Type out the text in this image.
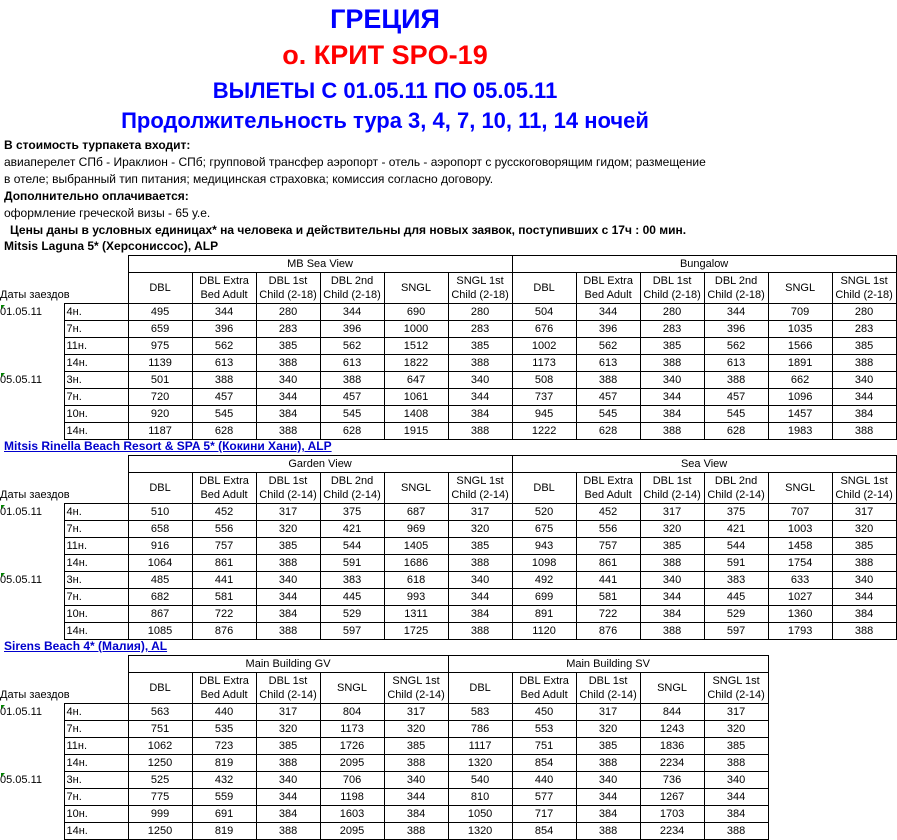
ГРЕЦИЯ
о. КРИТ SPO-19
ВЫЛЕТЫ С 01.05.11 ПО 05.05.11
Продолжительность тура 3, 4, 7, 10, 11, 14 ночей
В стоимость турпакета входит:
авиаперелет СПб - Ираклион - СПб; групповой трансфер аэропорт - отель - аэропорт с русскоговорящим гидом; размещение
в отеле; выбранный тип питания; медицинская страховка; комиссия согласно договору.
Дополнительно оплачивается:
оформление греческой визы - 65 у.е.
Цены даны в условных единицах* на человека и действительны для новых заявок, поступивших с 17ч : 00 мин.
Mitsis Laguna 5* (Херсониссос), ALP
Даты заездов		MB Sea View						Bungalow					
		DBL	DBL Extra Bed Adult	DBL 1st Child (2-18)	DBL 2nd Child (2-18)	SNGL	SNGL 1st Child (2-18)	DBL	DBL Extra Bed Adult	DBL 1st Child (2-18)	DBL 2nd Child (2-18)	SNGL	SNGL 1st Child (2-18)

01.05.11	4н.	495	344	280	344	690	280	504	344	280	344	709	280
	7н.	659	396	283	396	1000	283	676	396	283	396	1035	283
	11н.	975	562	385	562	1512	385	1002	562	385	562	1566	385
	14н.	1139	613	388	613	1822	388	1173	613	388	613	1891	388

05.05.11	3н.	501	388	340	388	647	340	508	388	340	388	662	340
	7н.	720	457	344	457	1061	344	737	457	344	457	1096	344
	10н.	920	545	384	545	1408	384	945	545	384	545	1457	384
	14н.	1187	628	388	628	1915	388	1222	628	388	628	1983	388
Mitsis Rinella Beach Resort & SPA 5* (Кокини Хани), ALP
Даты заездов		Garden View						Sea View					
		DBL	DBL Extra Bed Adult	DBL 1st Child (2-14)	DBL 2nd Child (2-14)	SNGL	SNGL 1st Child (2-14)	DBL	DBL Extra Bed Adult	DBL 1st Child (2-14)	DBL 2nd Child (2-14)	SNGL	SNGL 1st Child (2-14)

01.05.11	4н.	510	452	317	375	687	317	520	452	317	375	707	317
	7н.	658	556	320	421	969	320	675	556	320	421	1003	320
	11н.	916	757	385	544	1405	385	943	757	385	544	1458	385
	14н.	1064	861	388	591	1686	388	1098	861	388	591	1754	388

05.05.11	3н.	485	441	340	383	618	340	492	441	340	383	633	340
	7н.	682	581	344	445	993	344	699	581	344	445	1027	344
	10н.	867	722	384	529	1311	384	891	722	384	529	1360	384
	14н.	1085	876	388	597	1725	388	1120	876	388	597	1793	388
Sirens Beach 4* (Малия), AL
Даты заездов		Main Building GV					Main Building SV				
		DBL	DBL Extra Bed Adult	DBL 1st Child (2-14)	SNGL	SNGL 1st Child (2-14)	DBL	DBL Extra Bed Adult	DBL 1st Child (2-14)	SNGL	SNGL 1st Child (2-14)

01.05.11	4н.	563	440	317	804	317	583	450	317	844	317
	7н.	751	535	320	1173	320	786	553	320	1243	320
	11н.	1062	723	385	1726	385	1117	751	385	1836	385
	14н.	1250	819	388	2095	388	1320	854	388	2234	388

05.05.11	3н.	525	432	340	706	340	540	440	340	736	340
	7н.	775	559	344	1198	344	810	577	344	1267	344
	10н.	999	691	384	1603	384	1050	717	384	1703	384
	14н.	1250	819	388	2095	388	1320	854	388	2234	388
